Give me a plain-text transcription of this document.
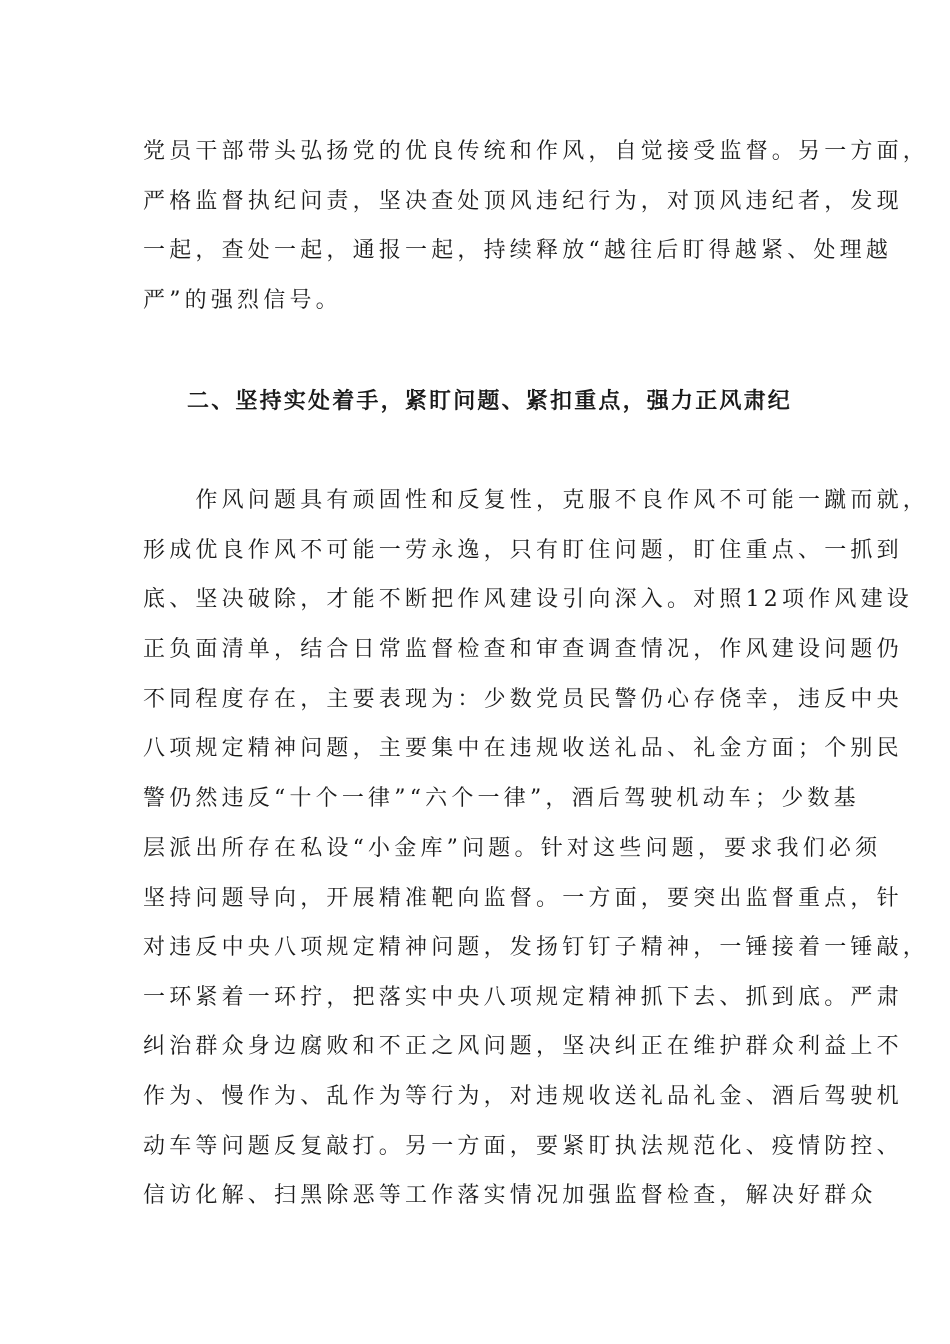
党员干部带头弘扬党的优良传统和作风，自觉接受监督。另一方面，
严格监督执纪问责，坚决查处顶风违纪行为，对顶风违纪者，发现
一起，查处一起，通报一起，持续释放“越往后盯得越紧、处理越
严”的强烈信号。
二、坚持实处着手，紧盯问题、紧扣重点，强力正风肃纪
　　作风问题具有顽固性和反复性，克服不良作风不可能一蹴而就，
形成优良作风不可能一劳永逸，只有盯住问题，盯住重点、一抓到
底、坚决破除，才能不断把作风建设引向深入。对照12项作风建设
正负面清单，结合日常监督检查和审查调查情况，作风建设问题仍
不同程度存在，主要表现为：少数党员民警仍心存侥幸，违反中央
八项规定精神问题，主要集中在违规收送礼品、礼金方面；个别民
警仍然违反“十个一律”“六个一律”，酒后驾驶机动车；少数基
层派出所存在私设“小金库”问题。针对这些问题，要求我们必须
坚持问题导向，开展精准靶向监督。一方面，要突出监督重点，针
对违反中央八项规定精神问题，发扬钉钉子精神，一锤接着一锤敲，
一环紧着一环拧，把落实中央八项规定精神抓下去、抓到底。严肃
纠治群众身边腐败和不正之风问题，坚决纠正在维护群众利益上不
作为、慢作为、乱作为等行为，对违规收送礼品礼金、酒后驾驶机
动车等问题反复敲打。另一方面，要紧盯执法规范化、疫情防控、
信访化解、扫黑除恶等工作落实情况加强监督检查，解决好群众
